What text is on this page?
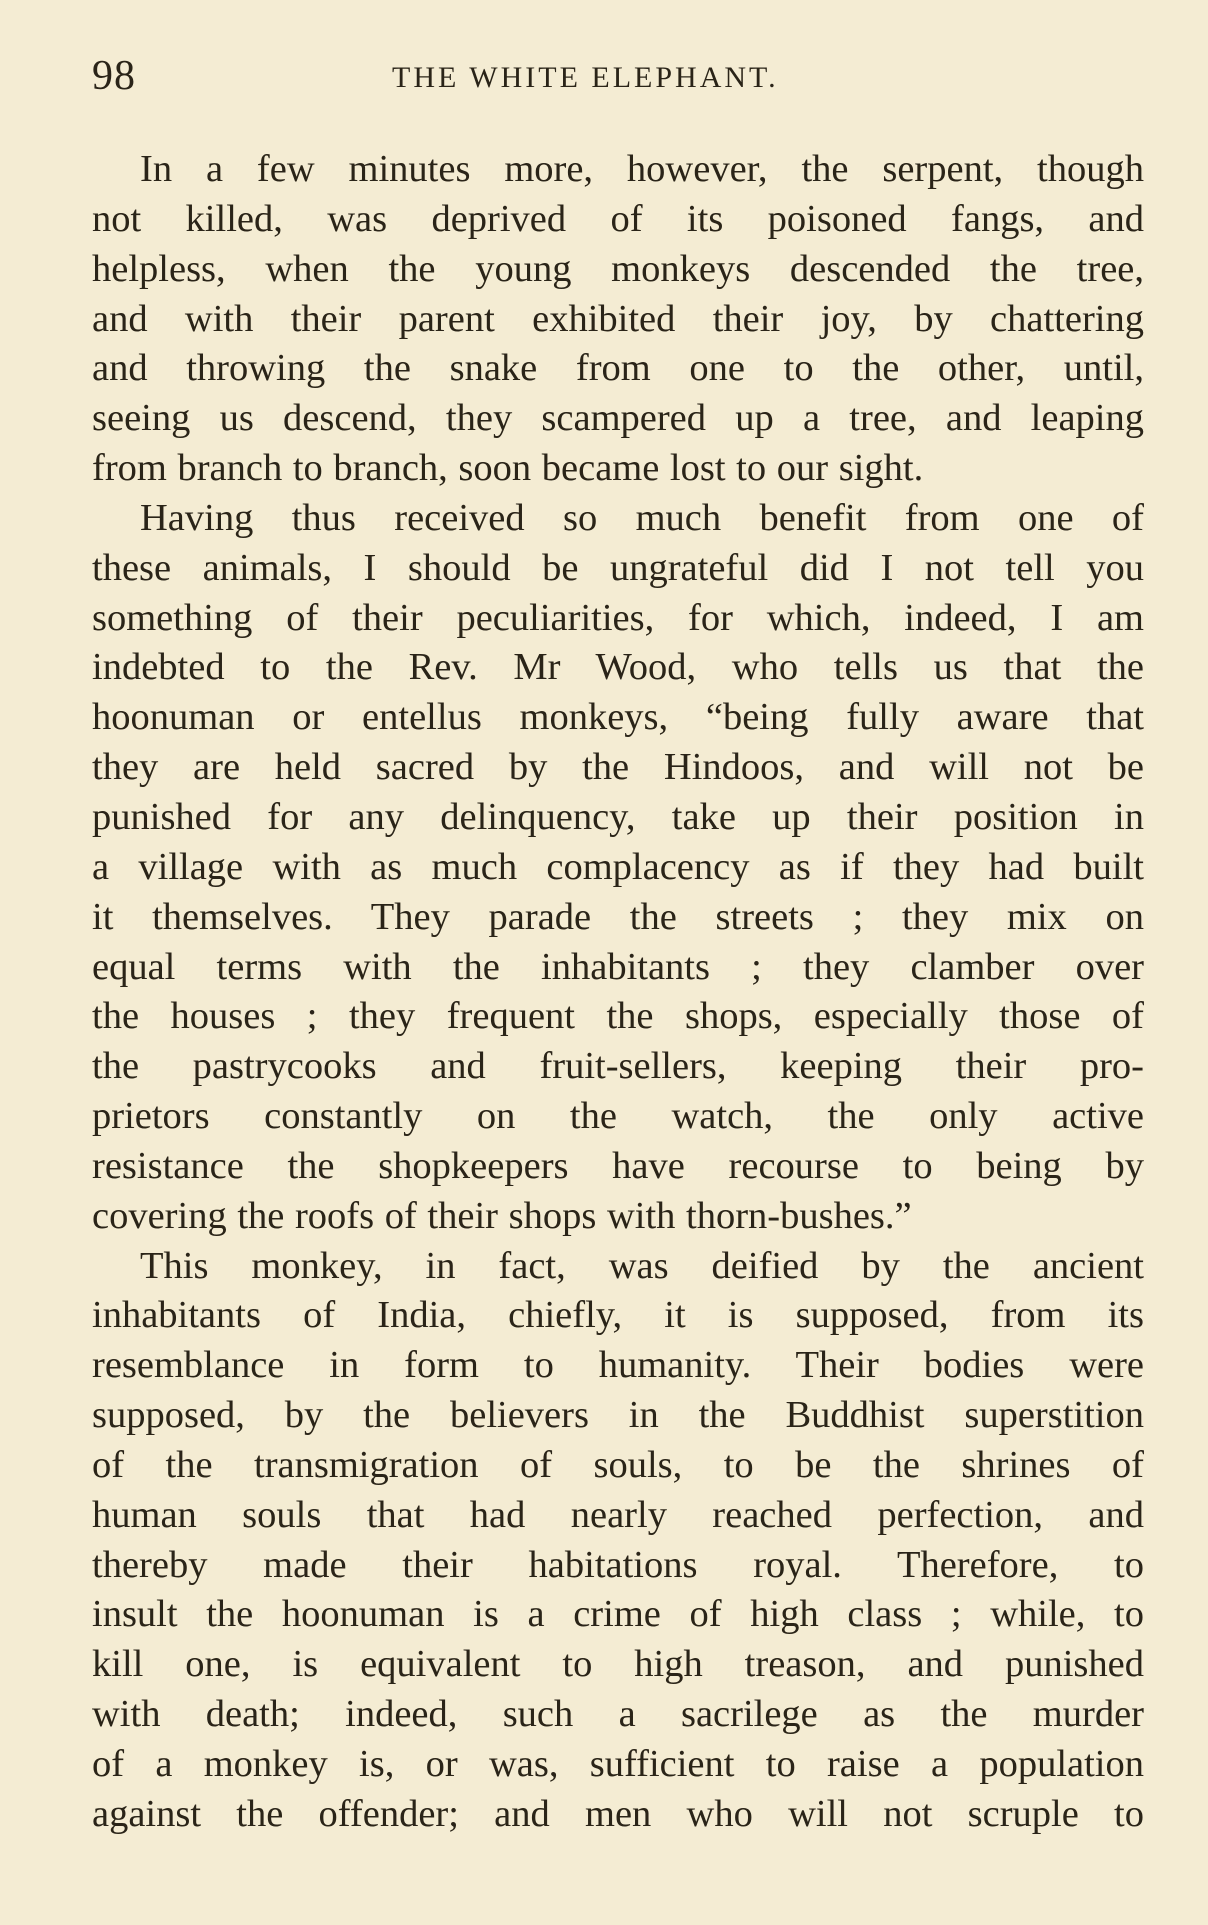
98	THE WHITE ELEPHANT.
In a few minutes more, however, the serpent, though
not killed, was deprived of its poisoned fangs, and
helpless, when the young monkeys descended the tree,
and with their parent exhibited their joy, by chattering
and throwing the snake from one to the other, until,
seeing us descend, they scampered up a tree, and leaping
from branch to branch, soon became lost to our sight.
Having thus received so much benefit from one of
these animals, I should be ungrateful did I not tell you
something of their peculiarities, for which, indeed, I am
indebted to the Rev. Mr Wood, who tells us that the
hoonuman or entellus monkeys, “being fully aware that
they are held sacred by the Hindoos, and will not be
punished for any delinquency, take up their position in
a village with as much complacency as if they had built
it themselves. They parade the streets ; they mix on
equal terms with the inhabitants ; they clamber over
the houses ; they frequent the shops, especially those of
the pastrycooks and fruit-sellers, keeping their pro-
prietors constantly on the watch, the only active
resistance the shopkeepers have recourse to being by
covering the roofs of their shops with thorn-bushes.”
This monkey, in fact, was deified by the ancient
inhabitants of India, chiefly, it is supposed, from its
resemblance in form to humanity. Their bodies were
supposed, by the believers in the Buddhist superstition
of the transmigration of souls, to be the shrines of
human souls that had nearly reached perfection, and
thereby made their habitations royal. Therefore, to
insult the hoonuman is a crime of high class ; while, to
kill one, is equivalent to high treason, and punished
with death; indeed, such a sacrilege as the murder
of a monkey is, or was, sufficient to raise a population
against the offender; and men who will not scruple to
